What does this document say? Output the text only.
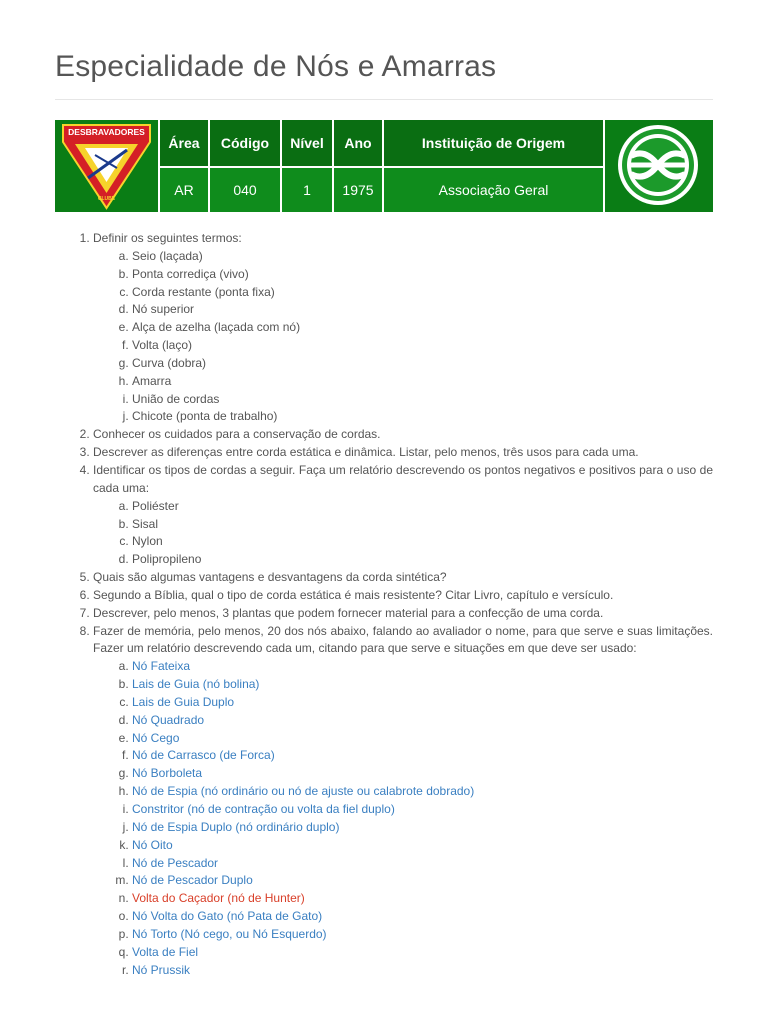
Especialidade de Nós e Amarras
DESBRAVADORES
CLUBE
Área	Código	Nível	Ano	Instituição de Origem
AR	040	1	1975	Associação Geral
1. Definir os seguintes termos:
a. Seio (laçada)
b. Ponta corrediça (vivo)
c. Corda restante (ponta fixa)
d. Nó superior
e. Alça de azelha (laçada com nó)
f. Volta (laço)
g. Curva (dobra)
h. Amarra
i. União de cordas
j. Chicote (ponta de trabalho)
2. Conhecer os cuidados para a conservação de cordas.
3. Descrever as diferenças entre corda estática e dinâmica. Listar, pelo menos, três usos para cada uma.
4. Identificar os tipos de cordas a seguir. Faça um relatório descrevendo os pontos negativos e positivos para o uso de cada uma:
a. Poliéster
b. Sisal
c. Nylon
d. Polipropileno
5. Quais são algumas vantagens e desvantagens da corda sintética?
6. Segundo a Bíblia, qual o tipo de corda estática é mais resistente? Citar Livro, capítulo e versículo.
7. Descrever, pelo menos, 3 plantas que podem fornecer material para a confecção de uma corda.
8. Fazer de memória, pelo menos, 20 dos nós abaixo, falando ao avaliador o nome, para que serve e suas limitações. Fazer um relatório descrevendo cada um, citando para que serve e situações em que deve ser usado:
a. Nó Fateixa
b. Lais de Guia (nó bolina)
c. Lais de Guia Duplo
d. Nó Quadrado
e. Nó Cego
f. Nó de Carrasco (de Forca)
g. Nó Borboleta
h. Nó de Espia (nó ordinário ou nó de ajuste ou calabrote dobrado)
i. Constritor (nó de contração ou volta da fiel duplo)
j. Nó de Espia Duplo (nó ordinário duplo)
k. Nó Oito
l. Nó de Pescador
m. Nó de Pescador Duplo
n. Volta do Caçador (nó de Hunter)
o. Nó Volta do Gato (nó Pata de Gato)
p. Nó Torto (Nó cego, ou Nó Esquerdo)
q. Volta de Fiel
r. Nó Prussik
